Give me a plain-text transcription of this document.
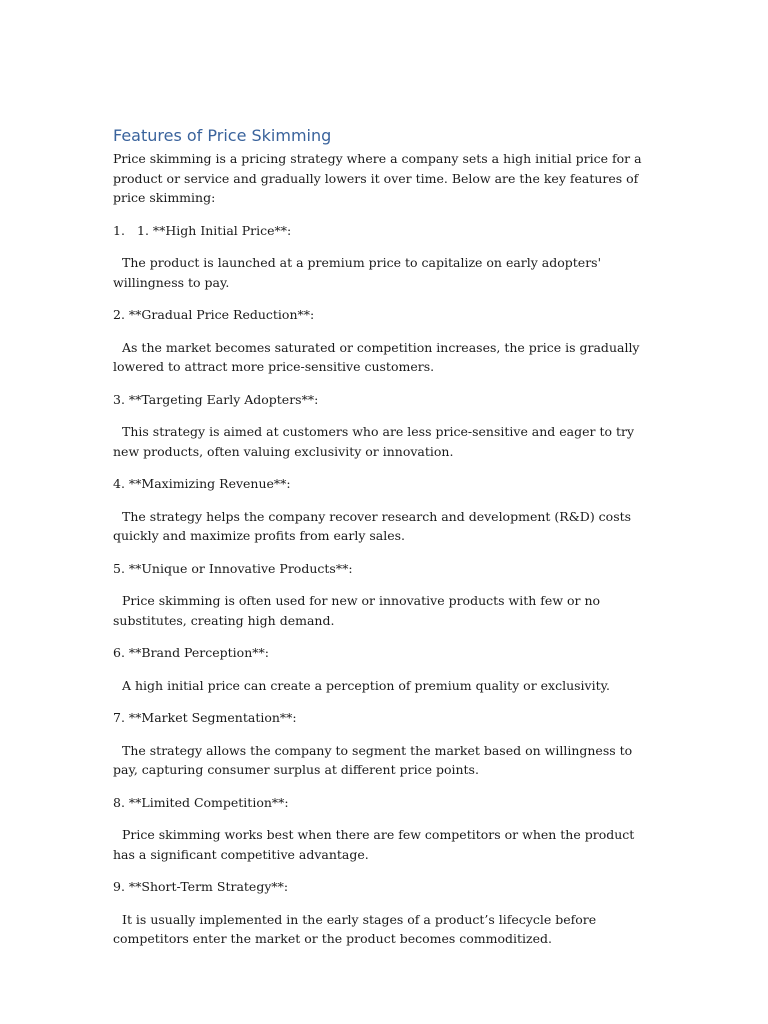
Features of Price Skimming
Price skimming is a pricing strategy where a company sets a high initial price for a product or service and gradually lowers it over time. Below are the key features of price skimming:
1. 1. **High Initial Price**:
The product is launched at a premium price to capitalize on early adopters' willingness to pay.
2. **Gradual Price Reduction**:
As the market becomes saturated or competition increases, the price is gradually lowered to attract more price-sensitive customers.
3. **Targeting Early Adopters**:
This strategy is aimed at customers who are less price-sensitive and eager to try new products, often valuing exclusivity or innovation.
4. **Maximizing Revenue**:
The strategy helps the company recover research and development (R&D) costs quickly and maximize profits from early sales.
5. **Unique or Innovative Products**:
Price skimming is often used for new or innovative products with few or no substitutes, creating high demand.
6. **Brand Perception**:
A high initial price can create a perception of premium quality or exclusivity.
7. **Market Segmentation**:
The strategy allows the company to segment the market based on willingness to pay, capturing consumer surplus at different price points.
8. **Limited Competition**:
Price skimming works best when there are few competitors or when the product has a significant competitive advantage.
9. **Short-Term Strategy**:
It is usually implemented in the early stages of a product’s lifecycle before competitors enter the market or the product becomes commoditized.
